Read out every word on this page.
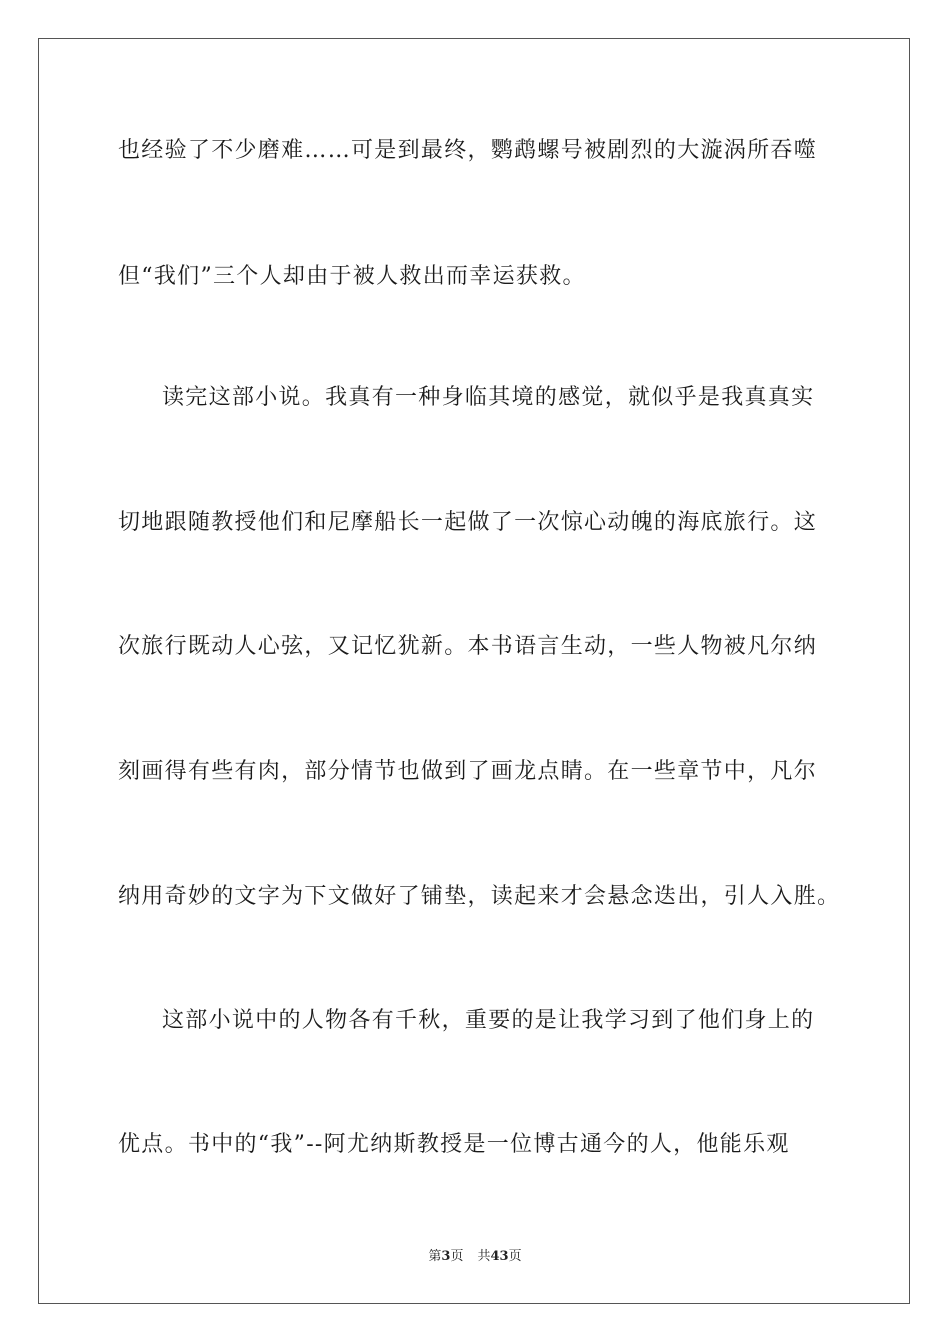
也经验了不少磨难……可是到最终，鹦鹉螺号被剧烈的大漩涡所吞噬
但“我们”三个人却由于被人救出而幸运获救。
读完这部小说。我真有一种身临其境的感觉，就似乎是我真真实
切地跟随教授他们和尼摩船长一起做了一次惊心动魄的海底旅行。这
次旅行既动人心弦，又记忆犹新。本书语言生动，一些人物被凡尔纳
刻画得有些有肉，部分情节也做到了画龙点睛。在一些章节中，凡尔
纳用奇妙的文字为下文做好了铺垫，读起来才会悬念迭出，引人入胜。
这部小说中的人物各有千秋，重要的是让我学习到了他们身上的
优点。书中的“我”--阿尤纳斯教授是一位博古通今的人，他能乐观
第3页 共43页
